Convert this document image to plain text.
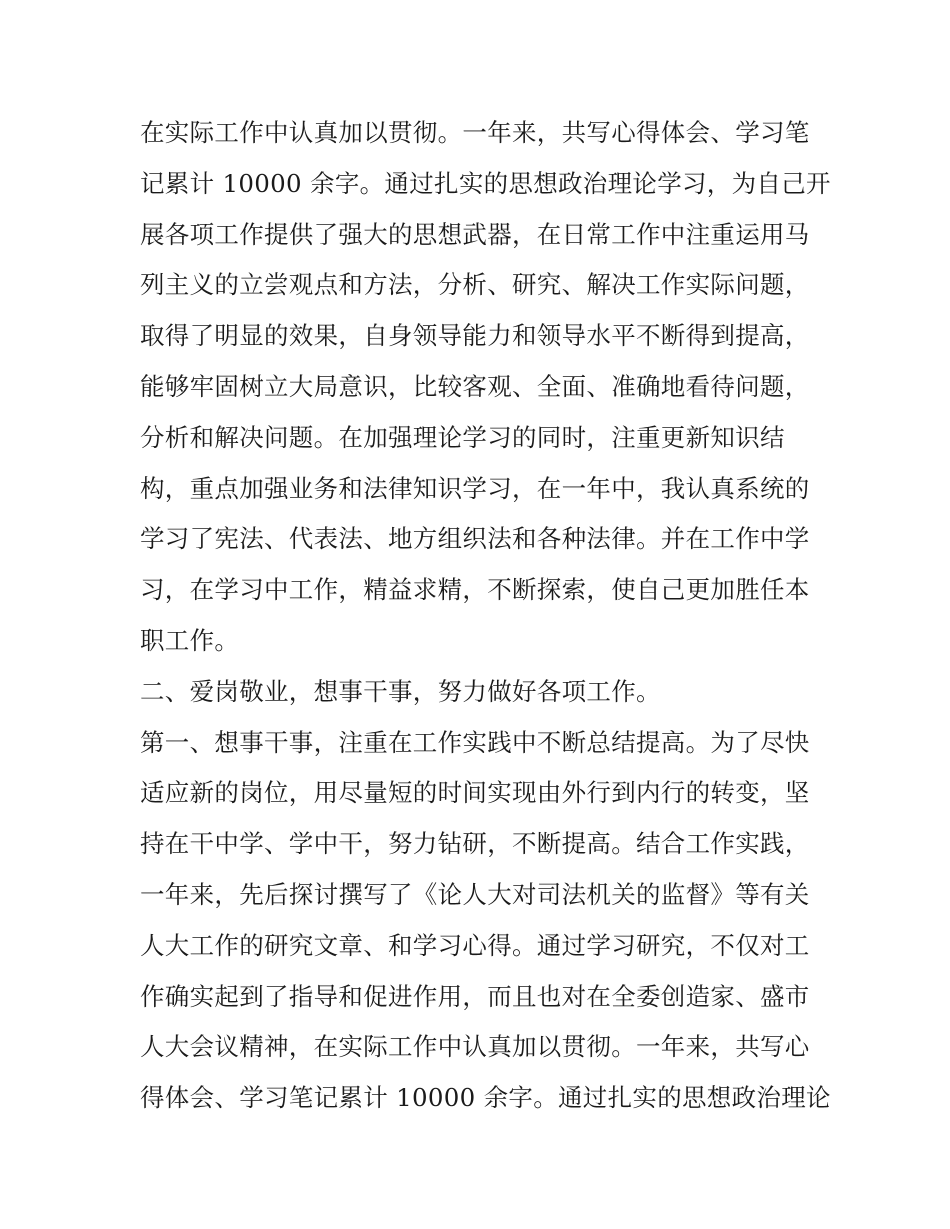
在实际工作中认真加以贯彻。一年来，共写心得体会、学习笔
记累计 10000 余字。通过扎实的思想政治理论学习，为自己开
展各项工作提供了强大的思想武器，在日常工作中注重运用马
列主义的立尝观点和方法，分析、研究、解决工作实际问题，
取得了明显的效果，自身领导能力和领导水平不断得到提高，
能够牢固树立大局意识，比较客观、全面、准确地看待问题，
分析和解决问题。在加强理论学习的同时，注重更新知识结
构，重点加强业务和法律知识学习，在一年中，我认真系统的
学习了宪法、代表法、地方组织法和各种法律。并在工作中学
习，在学习中工作，精益求精，不断探索，使自己更加胜任本
职工作。
二、爱岗敬业，想事干事，努力做好各项工作。
第一、想事干事，注重在工作实践中不断总结提高。为了尽快
适应新的岗位，用尽量短的时间实现由外行到内行的转变，坚
持在干中学、学中干，努力钻研，不断提高。结合工作实践，
一年来，先后探讨撰写了《论人大对司法机关的监督》等有关
人大工作的研究文章、和学习心得。通过学习研究，不仅对工
作确实起到了指导和促进作用，而且也对在全委创造家、盛市
人大会议精神，在实际工作中认真加以贯彻。一年来，共写心
得体会、学习笔记累计 10000 余字。通过扎实的思想政治理论
